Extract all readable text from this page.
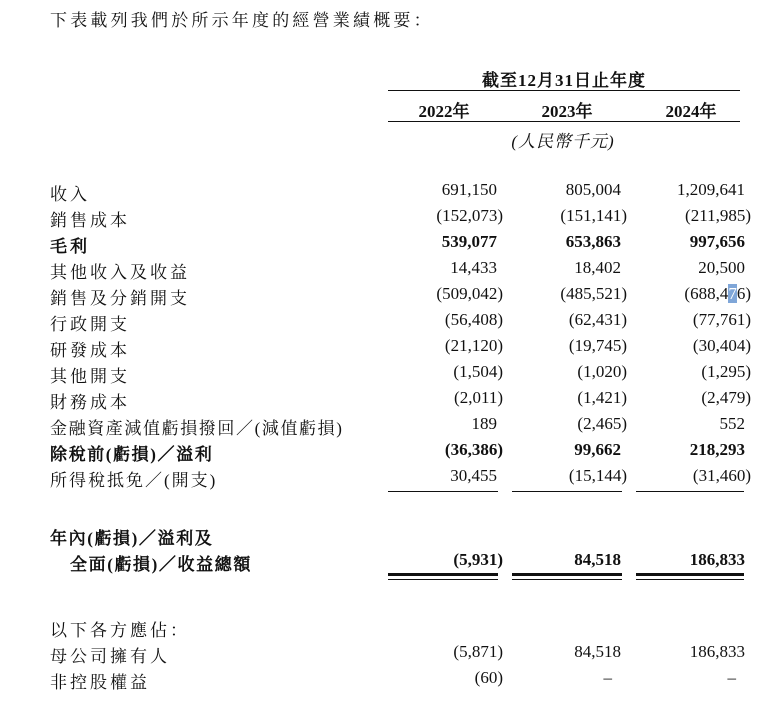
下表載列我們於所示年度的經營業績概要：
截至12月31日止年度
2022年	2023年	2024年
(人民幣千元)
收入	691,150	805,004	1,209,641
銷售成本	(152,073)	(151,141)	(211,985)
毛利	539,077	653,863	997,656
其他收入及收益	14,433	18,402	20,500
銷售及分銷開支	(509,042)	(485,521)	(688,476)
行政開支	(56,408)	(62,431)	(77,761)
研發成本	(21,120)	(19,745)	(30,404)
其他開支	(1,504)	(1,020)	(1,295)
財務成本	(2,011)	(1,421)	(2,479)
金融資產減值虧損撥回／(減值虧損)	189	(2,465)	552
除稅前(虧損)／溢利	(36,386)	99,662	218,293
所得稅抵免／(開支)	30,455	(15,144)	(31,460)
年內(虧損)／溢利及
全面(虧損)／收益總額	(5,931)	84,518	186,833
以下各方應佔：
母公司擁有人	(5,871)	84,518	186,833
非控股權益	(60)	–	–
